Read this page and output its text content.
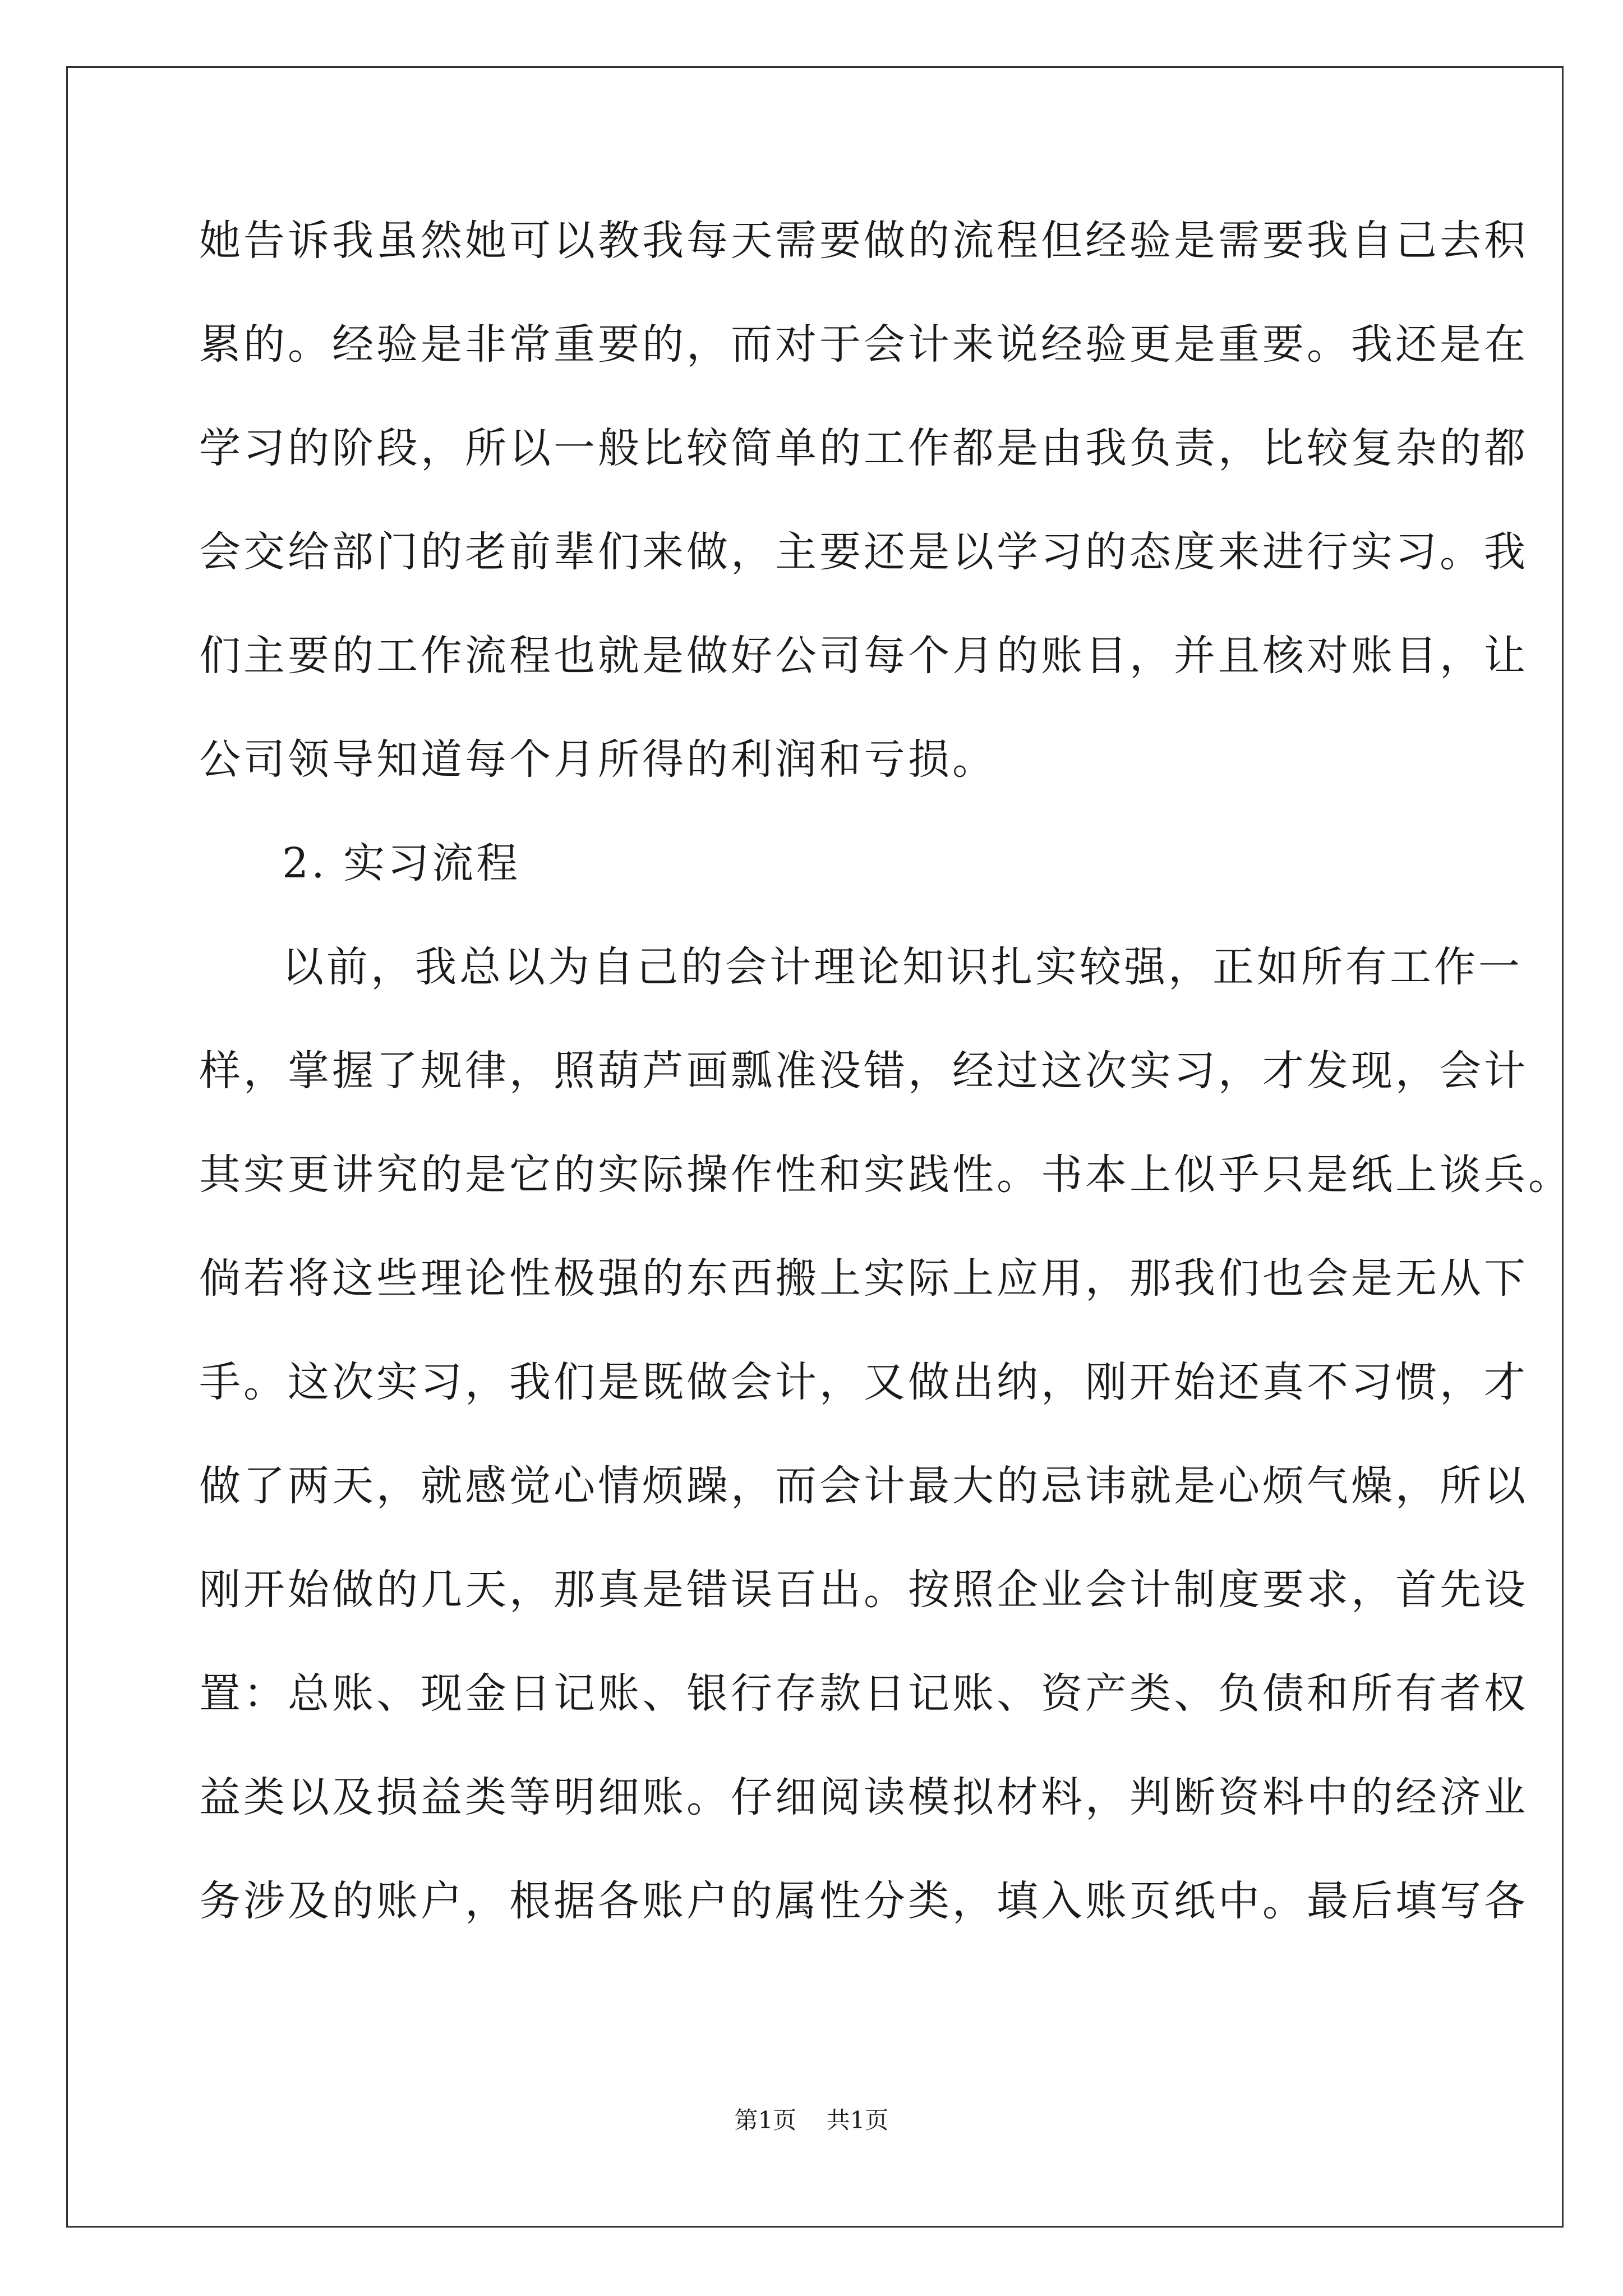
她告诉我虽然她可以教我每天需要做的流程但经验是需要我自己去积
累的。经验是非常重要的，而对于会计来说经验更是重要。我还是在
学习的阶段，所以一般比较简单的工作都是由我负责，比较复杂的都
会交给部门的老前辈们来做，主要还是以学习的态度来进行实习。我
们主要的工作流程也就是做好公司每个月的账目，并且核对账目，让
公司领导知道每个月所得的利润和亏损。
2. 实习流程
以前，我总以为自己的会计理论知识扎实较强，正如所有工作一
样，掌握了规律，照葫芦画瓢准没错，经过这次实习，才发现，会计
其实更讲究的是它的实际操作性和实践性。书本上似乎只是纸上谈兵。
倘若将这些理论性极强的东西搬上实际上应用，那我们也会是无从下
手。这次实习，我们是既做会计，又做出纳，刚开始还真不习惯，才
做了两天，就感觉心情烦躁，而会计最大的忌讳就是心烦气燥，所以
刚开始做的几天，那真是错误百出。按照企业会计制度要求，首先设
置：总账、现金日记账、银行存款日记账、资产类、负债和所有者权
益类以及损益类等明细账。仔细阅读模拟材料，判断资料中的经济业
务涉及的账户，根据各账户的属性分类，填入账页纸中。最后填写各
第1页 共1页
